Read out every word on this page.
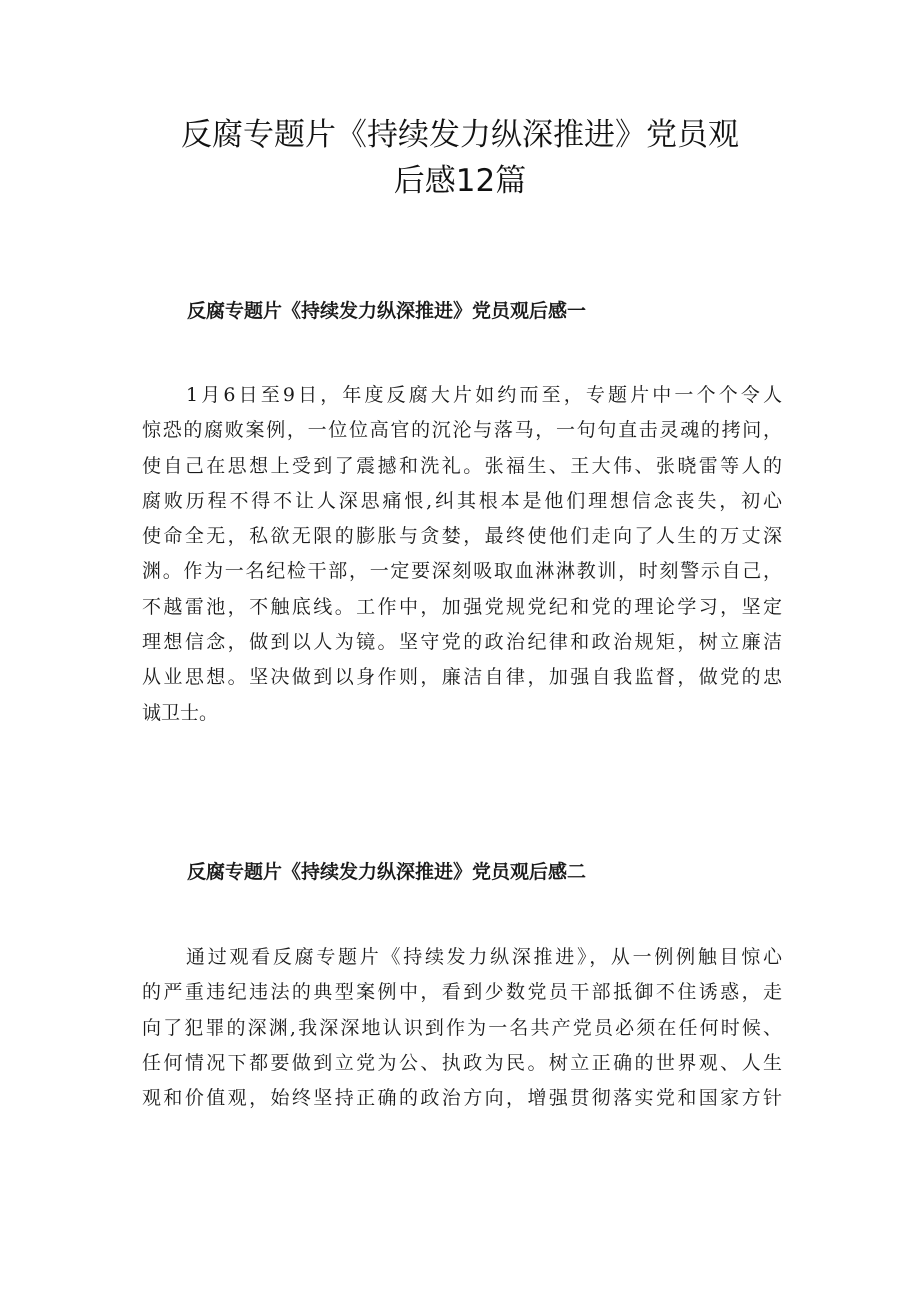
反腐专题片《持续发力纵深推进》党员观
后感12篇
反腐专题片《持续发力纵深推进》党员观后感一
1月6日至9日，年度反腐大片如约而至，专题片中一个个令人
惊恐的腐败案例，一位位高官的沉沦与落马，一句句直击灵魂的拷问，
使自己在思想上受到了震撼和洗礼。张福生、王大伟、张晓雷等人的
腐败历程不得不让人深思痛恨,纠其根本是他们理想信念丧失，初心
使命全无，私欲无限的膨胀与贪婪，最终使他们走向了人生的万丈深
渊。作为一名纪检干部，一定要深刻吸取血淋淋教训，时刻警示自己，
不越雷池，不触底线。工作中，加强党规党纪和党的理论学习，坚定
理想信念，做到以人为镜。坚守党的政治纪律和政治规矩，树立廉洁
从业思想。坚决做到以身作则，廉洁自律，加强自我监督，做党的忠
诚卫士。
反腐专题片《持续发力纵深推进》党员观后感二
通过观看反腐专题片《持续发力纵深推进》，从一例例触目惊心
的严重违纪违法的典型案例中，看到少数党员干部抵御不住诱惑，走
向了犯罪的深渊,我深深地认识到作为一名共产党员必须在任何时候、
任何情况下都要做到立党为公、执政为民。树立正确的世界观、人生
观和价值观，始终坚持正确的政治方向，增强贯彻落实党和国家方针
